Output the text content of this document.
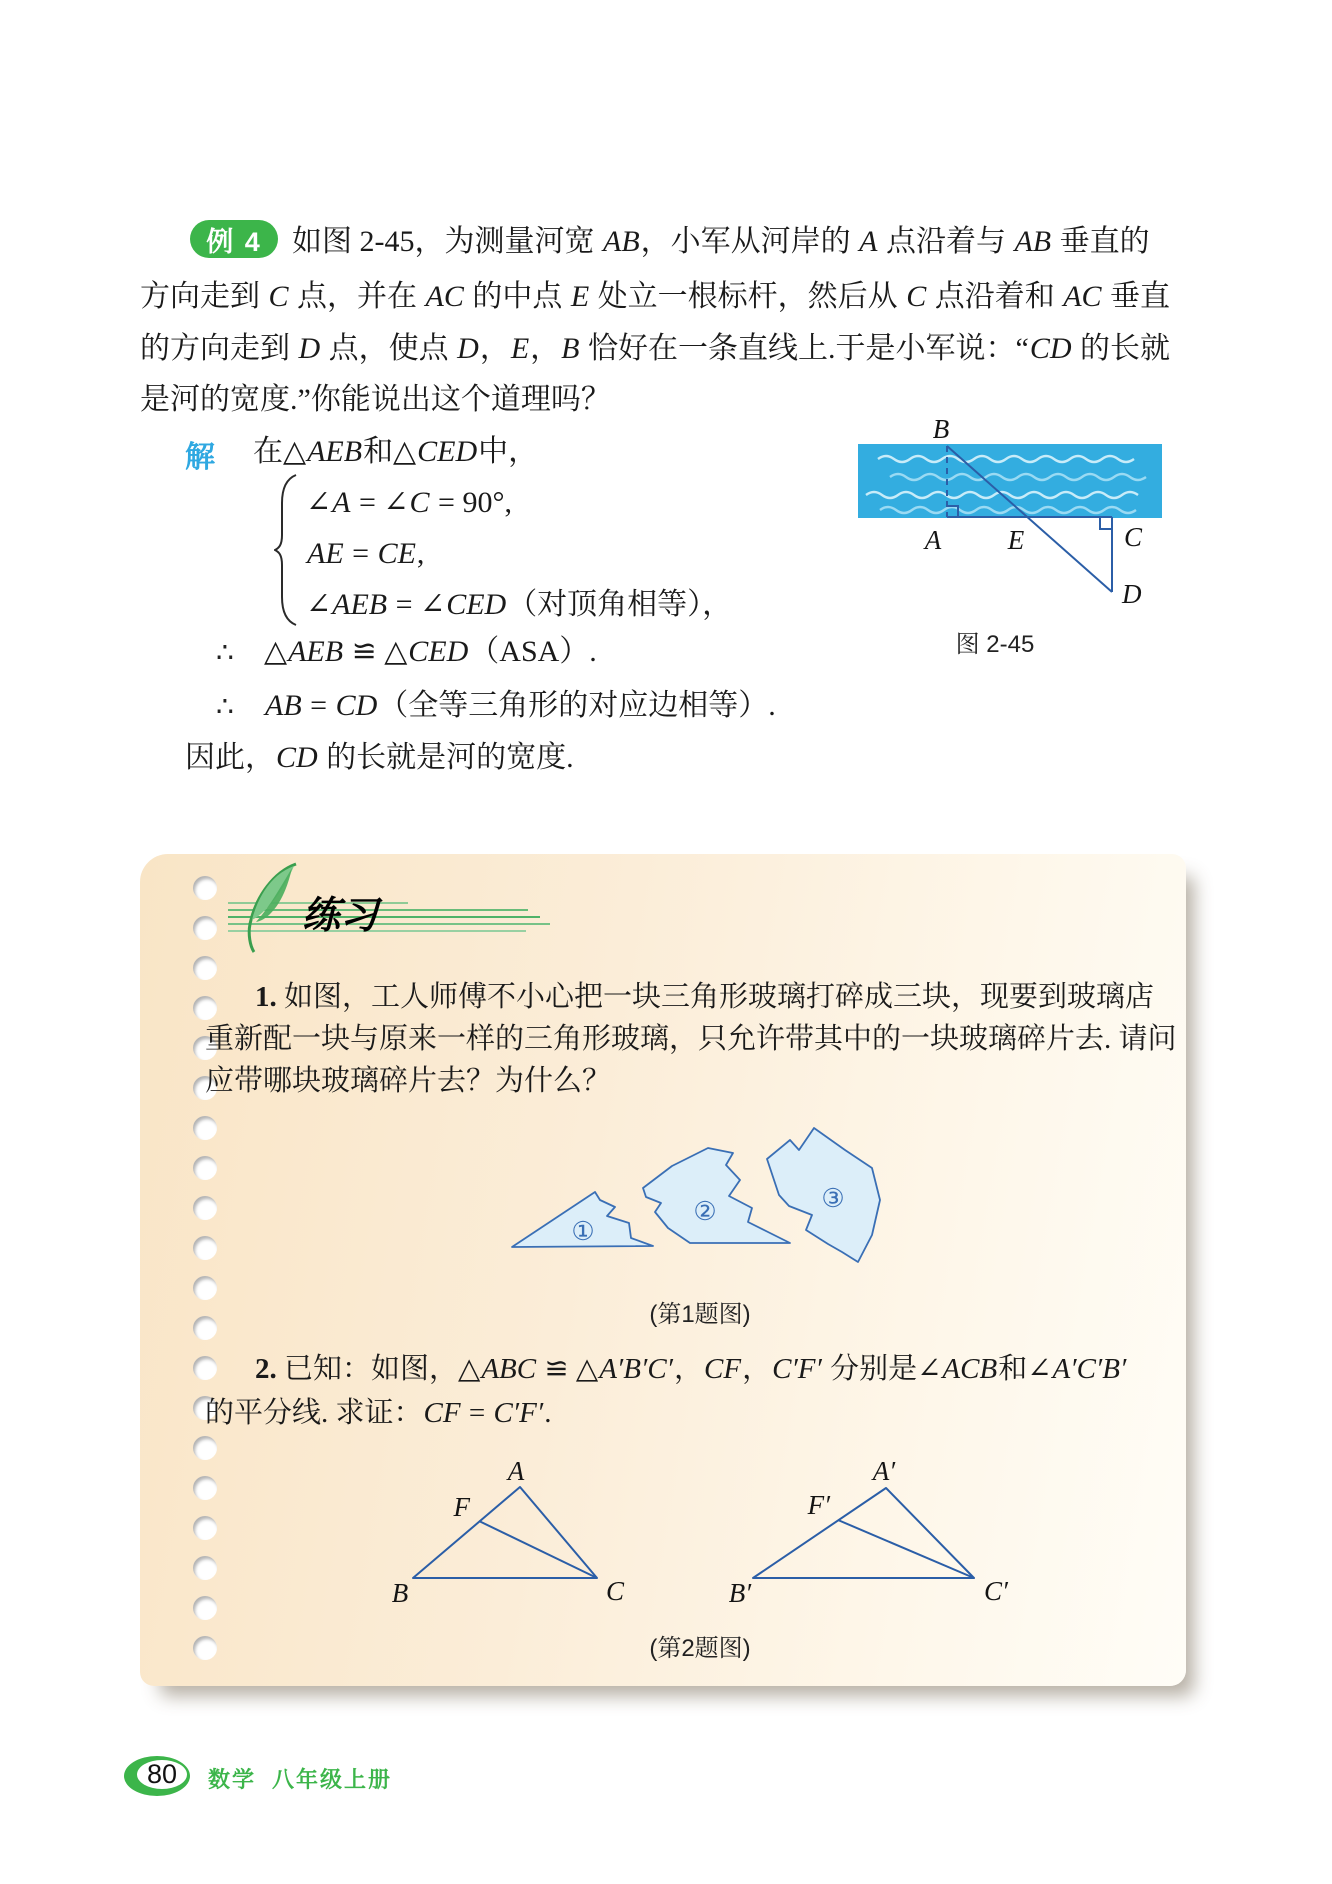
例 4	如图 2-45，为测量河宽 AB，小军从河岸的 A 点沿着与 AB 垂直的
方向走到 C 点，并在 AC 的中点 E 处立一根标杆，然后从 C 点沿着和 AC 垂直
的方向走到 D 点，使点 D，E，B 恰好在一条直线上.于是小军说：“CD 的长就
是河的宽度.”你能说出这个道理吗？
解 在△AEB和△CED中，
∠A = ∠C = 90°,
AE = CE,
∠AEB = ∠CED（对顶角相等），
∴ △AEB ≌ △CED（ASA）.
∴ AB = CD（全等三角形的对应边相等）.
因此，CD 的长就是河的宽度.
B
A E	C
D
图 2-45
练习
1. 如图，工人师傅不小心把一块三角形玻璃打碎成三块，现要到玻璃店
重新配一块与原来一样的三角形玻璃，只允许带其中的一块玻璃碎片去. 请问
应带哪块玻璃碎片去？为什么？
①
②	③
(第1题图)
2. 已知：如图，△ABC ≌ △A′B′C′，CF，C′F′ 分别是∠ACB和∠A′C′B′
的平分线. 求证：CF = C′F′.
A
F
B	C
A′
F′
B′	C′
(第2题图)
80	数学 八年级上册
